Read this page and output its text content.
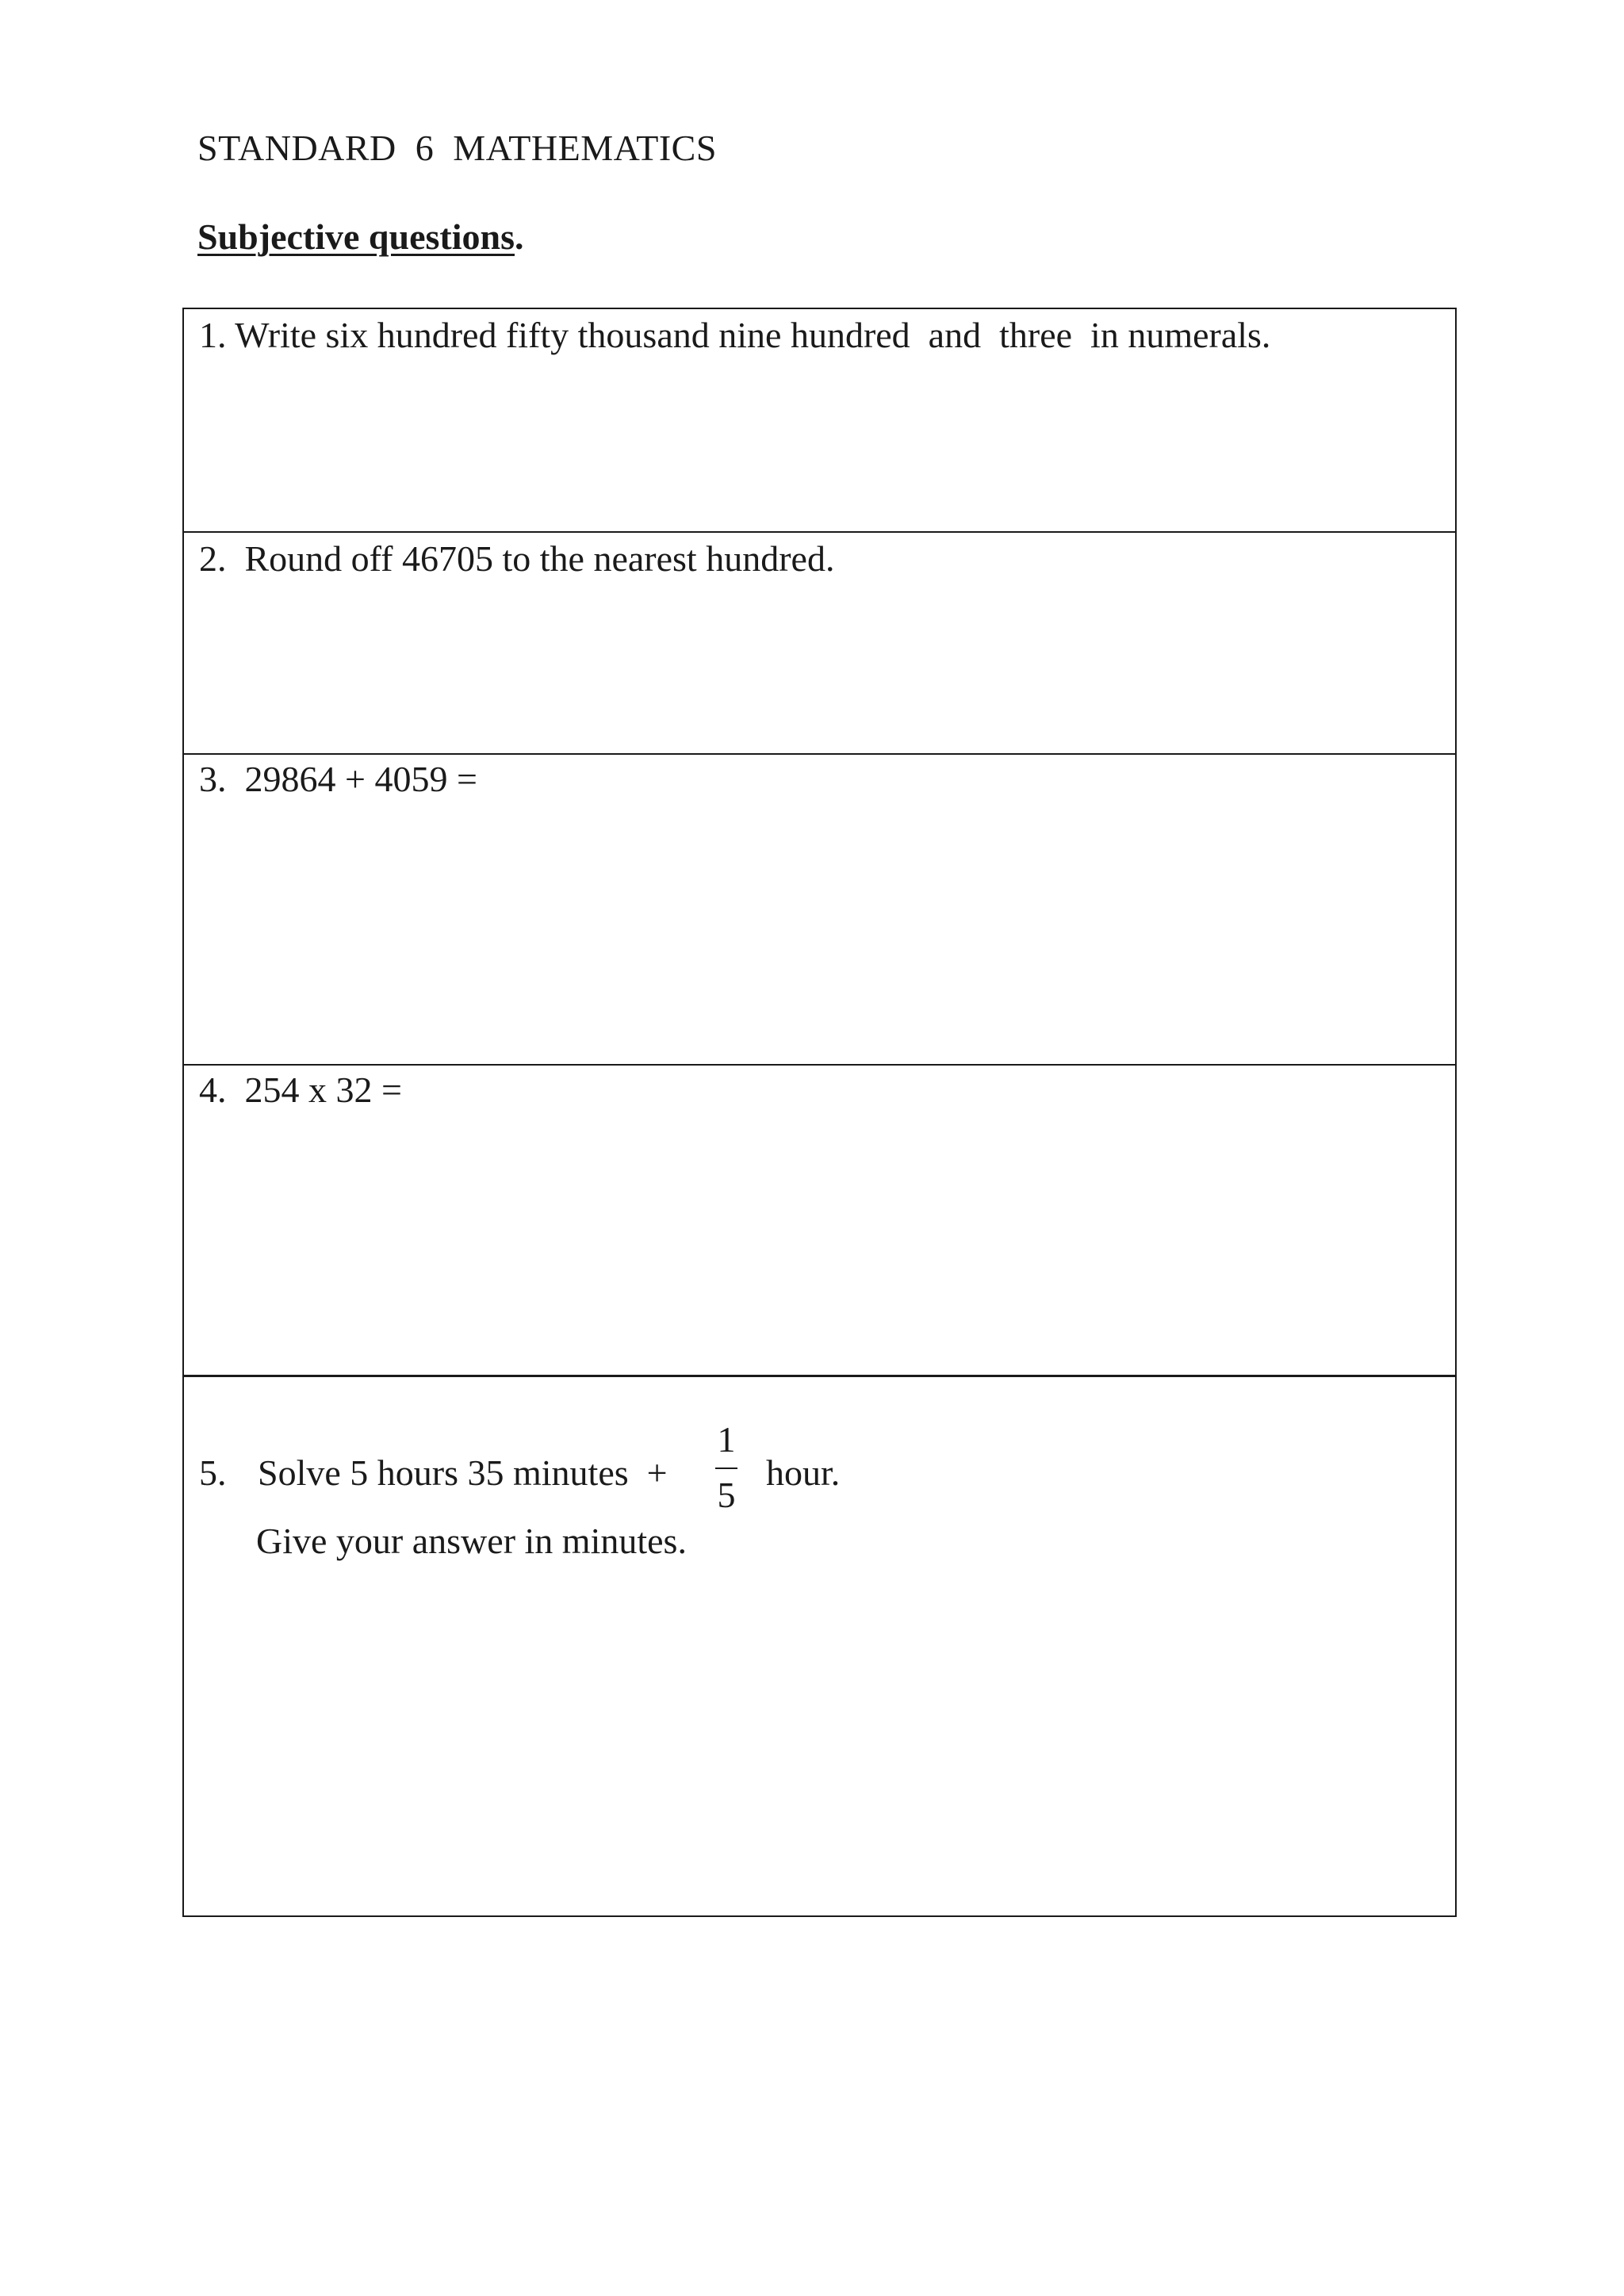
STANDARD  6  MATHEMATICS
Subjective questions.
1. Write six hundred fifty thousand nine hundred  and  three  in numerals.
2.  Round off 46705 to the nearest hundred.
3.  29864 + 4059 =
4.  254 x 32 =
5. Solve 5 hours 35 minutes  +
1
5
hour.
Give your answer in minutes.
